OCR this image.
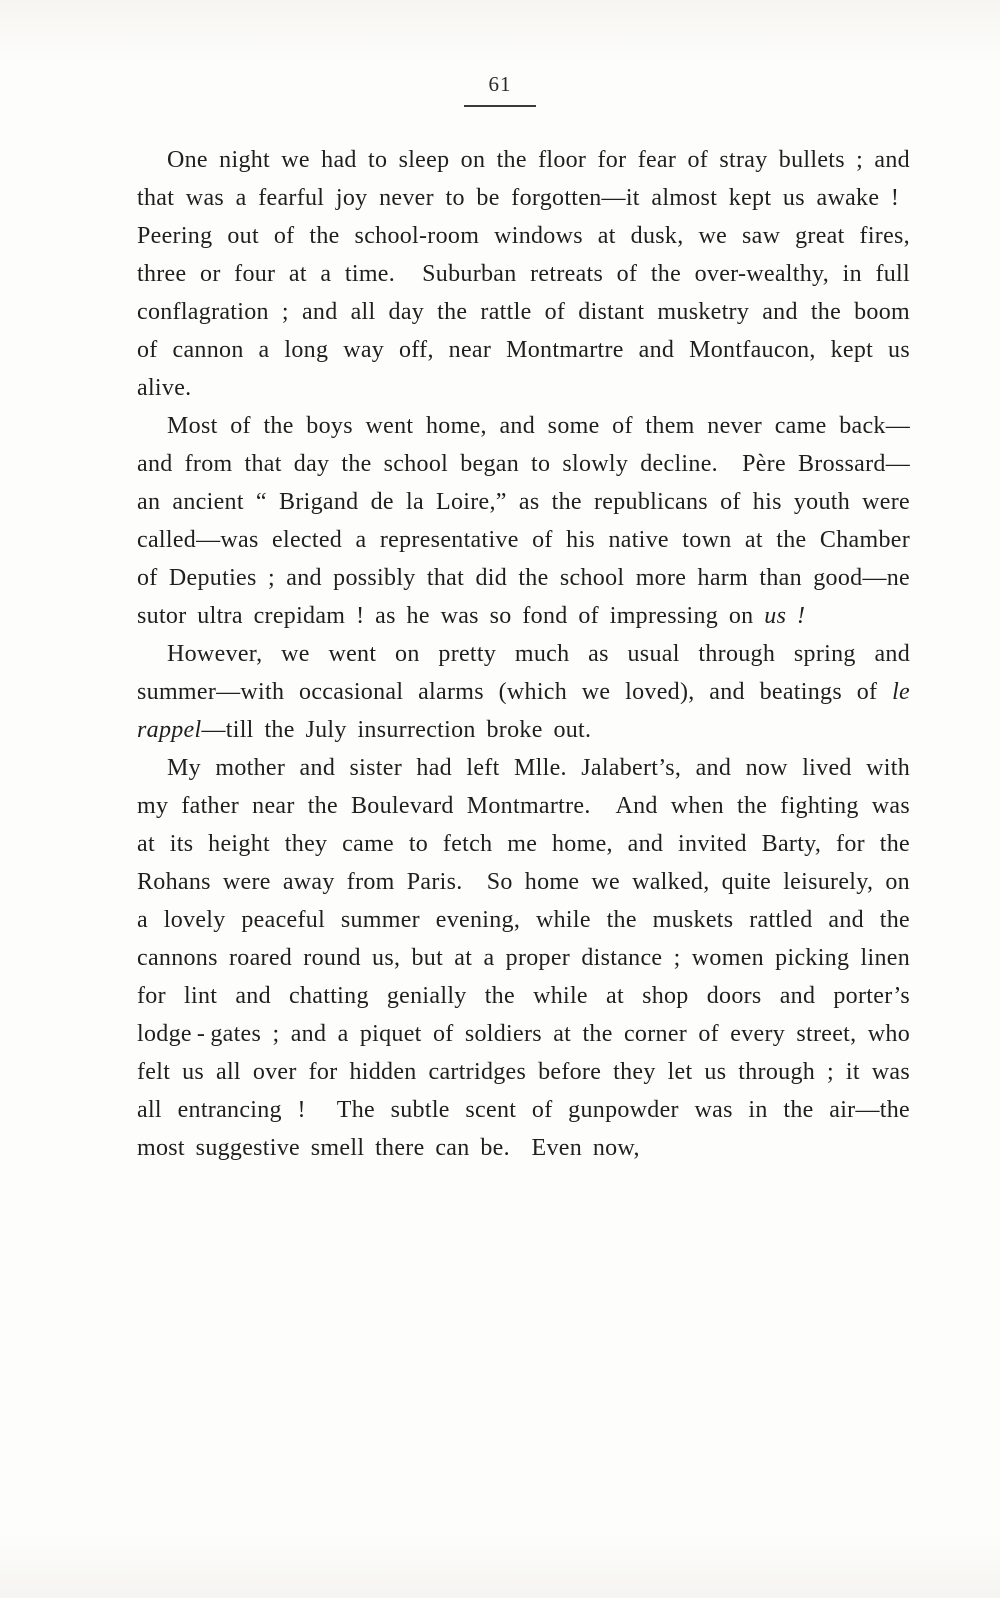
61

One night we had to sleep on the floor for fear of stray bullets ; and that was a fearful joy never to be forgotten—it almost kept us awake !  Peering out of the school-room windows at dusk, we saw great fires, three or four at a time.  Suburban retreats of the over-wealthy, in full conflagration ; and all day the rattle of distant musketry and the boom of cannon a long way off, near Montmartre and Montfaucon, kept us alive.

Most of the boys went home, and some of them never came back—and from that day the school began to slowly decline.  Père Brossard—an ancient “ Brigand de la Loire,” as the republicans of his youth were called—was elected a representative of his native town at the Chamber of Deputies ; and possibly that did the school more harm than good—ne sutor ultra crepidam ! as he was so fond of impressing on us !

However, we went on pretty much as usual through spring and summer—with occasional alarms (which we loved), and beatings of le rappel—till the July insurrection broke out.

My mother and sister had left Mlle. Jalabert’s, and now lived with my father near the Boulevard Montmartre.  And when the fighting was at its height they came to fetch me home, and invited Barty, for the Rohans were away from Paris.  So home we walked, quite leisurely, on a lovely peaceful summer evening, while the muskets rattled and the cannons roared round us, but at a proper distance ; women picking linen for lint and chatting genially the while at shop doors and porter’s lodge - gates ; and a piquet of soldiers at the corner of every street, who felt us all over for hidden cartridges before they let us through ; it was all entrancing !  The subtle scent of gunpowder was in the air—the most suggestive smell there can be.  Even now,
